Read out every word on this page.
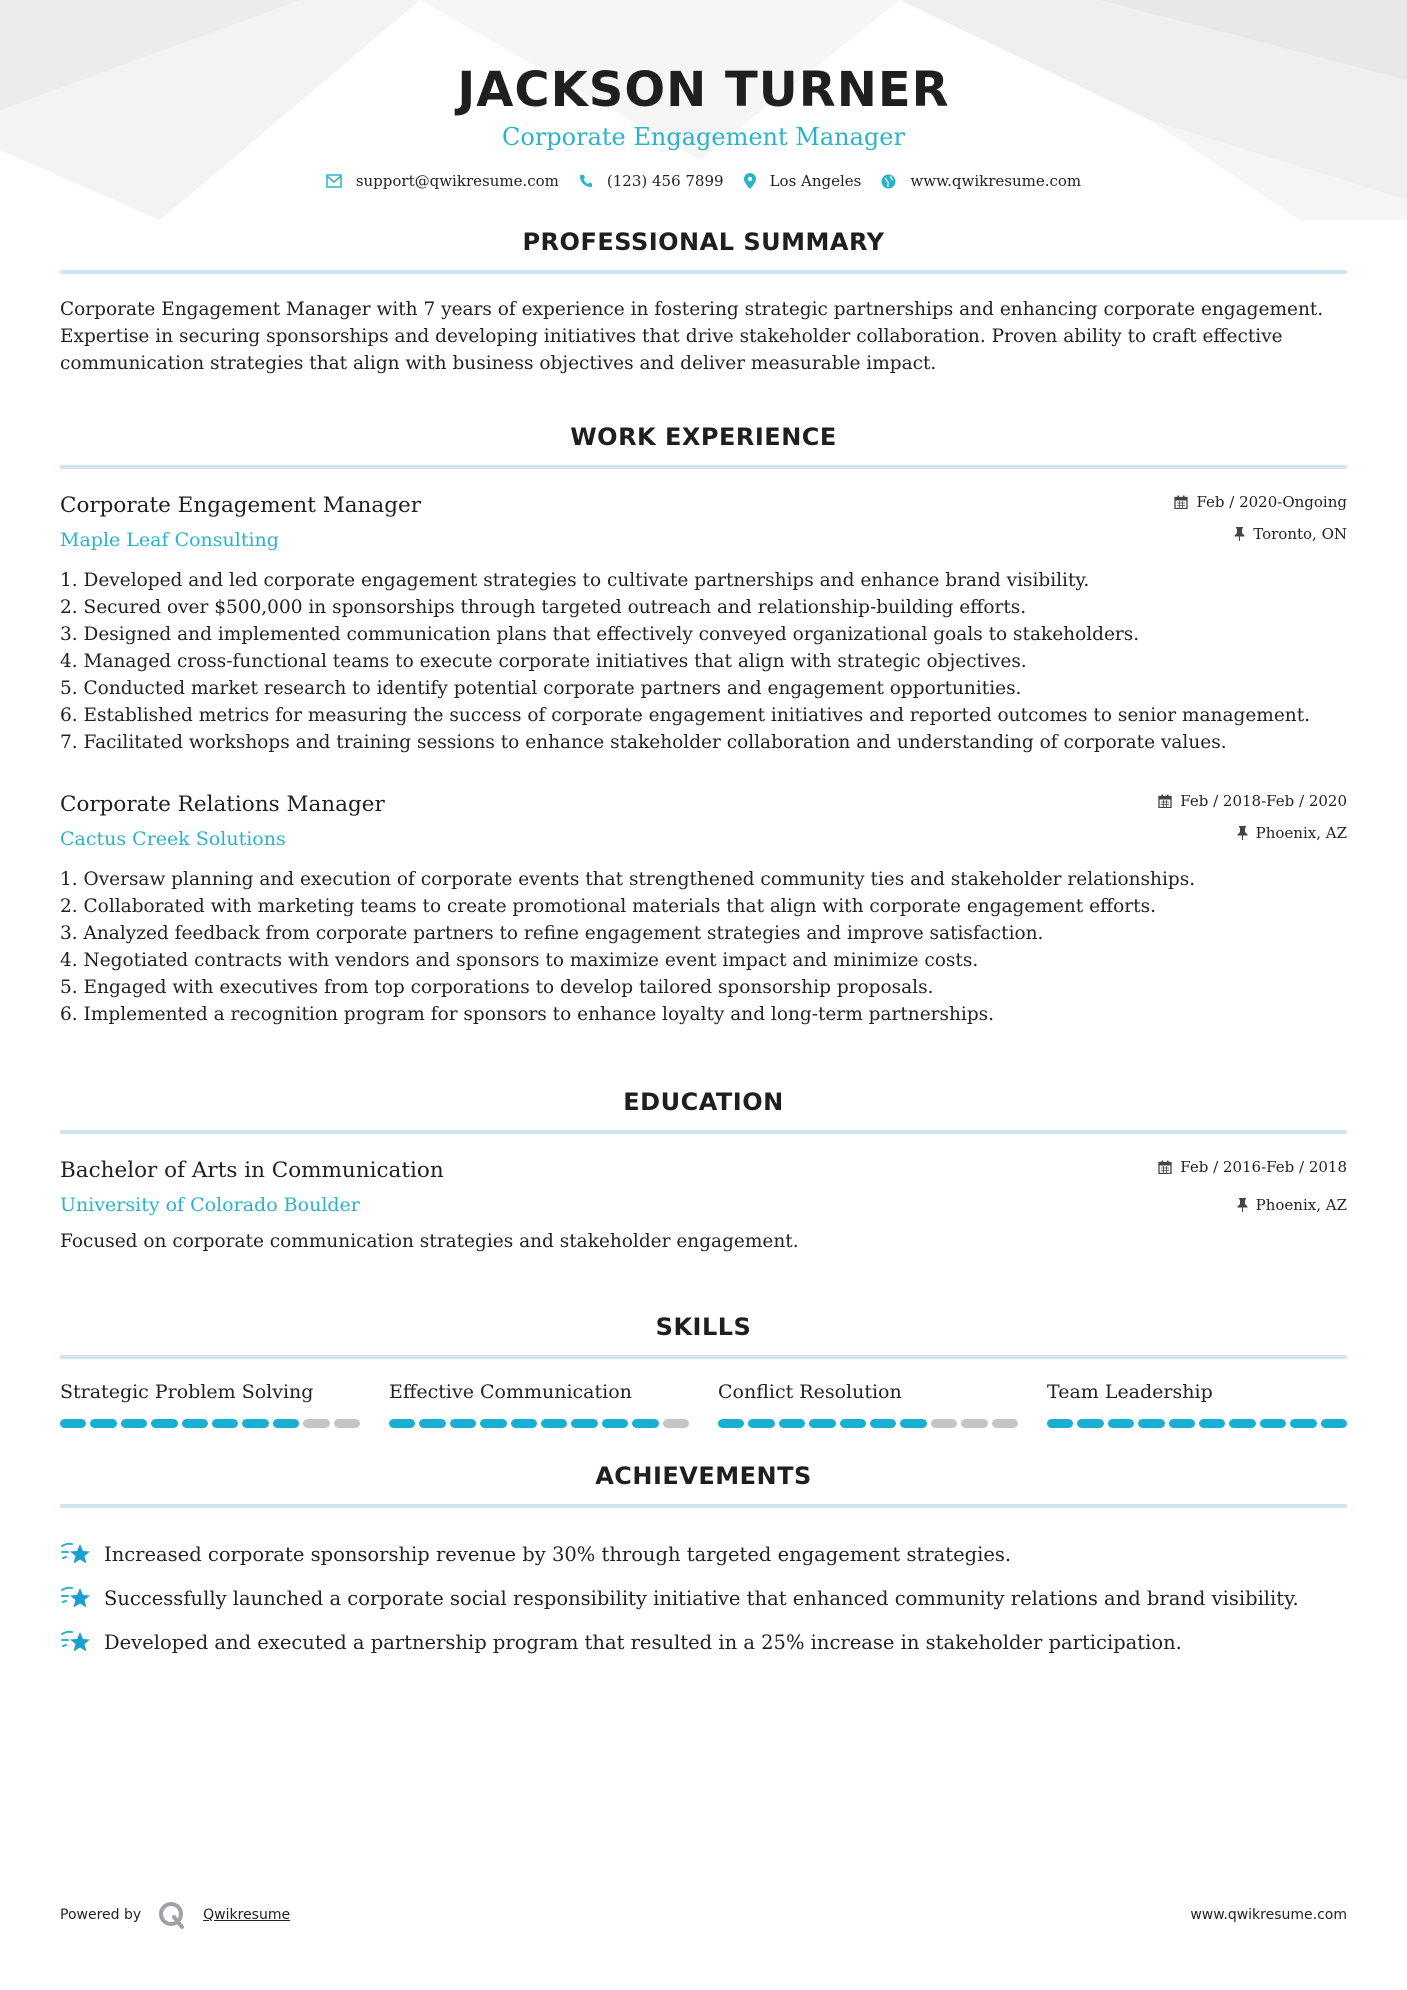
JACKSON TURNER
Corporate Engagement Manager
support@qwikresume.com	(123) 456 7899	Los Angeles	www.qwikresume.com
PROFESSIONAL SUMMARY

Corporate Engagement Manager with 7 years of experience in fostering strategic partnerships and enhancing corporate engagement. Expertise in securing sponsorships and developing initiatives that drive stakeholder collaboration. Proven ability to craft effective communication strategies that align with business objectives and deliver measurable impact.

WORK EXPERIENCE
Corporate Engagement Manager
Maple Leaf Consulting
Feb / 2020-Ongoing
Toronto, ON
1. Developed and led corporate engagement strategies to cultivate partnerships and enhance brand visibility.
2. Secured over $500,000 in sponsorships through targeted outreach and relationship-building efforts.
3. Designed and implemented communication plans that effectively conveyed organizational goals to stakeholders.
4. Managed cross-functional teams to execute corporate initiatives that align with strategic objectives.
5. Conducted market research to identify potential corporate partners and engagement opportunities.
6. Established metrics for measuring the success of corporate engagement initiatives and reported outcomes to senior management.
7. Facilitated workshops and training sessions to enhance stakeholder collaboration and understanding of corporate values.
Corporate Relations Manager
Cactus Creek Solutions
Feb / 2018-Feb / 2020
Phoenix, AZ
1. Oversaw planning and execution of corporate events that strengthened community ties and stakeholder relationships.
2. Collaborated with marketing teams to create promotional materials that align with corporate engagement efforts.
3. Analyzed feedback from corporate partners to refine engagement strategies and improve satisfaction.
4. Negotiated contracts with vendors and sponsors to maximize event impact and minimize costs.
5. Engaged with executives from top corporations to develop tailored sponsorship proposals.
6. Implemented a recognition program for sponsors to enhance loyalty and long-term partnerships.
EDUCATION
Bachelor of Arts in Communication
University of Colorado Boulder
Feb / 2016-Feb / 2018
Phoenix, AZ

Focused on corporate communication strategies and stakeholder engagement.

SKILLS
Strategic Problem Solving	Effective Communication	Conflict Resolution	Team Leadership
ACHIEVEMENTS
Increased corporate sponsorship revenue by 30% through targeted engagement strategies.
Successfully launched a corporate social responsibility initiative that enhanced community relations and brand visibility.
Developed and executed a partnership program that resulted in a 25% increase in stakeholder participation.
Powered by	Qwikresume	www.qwikresume.com
